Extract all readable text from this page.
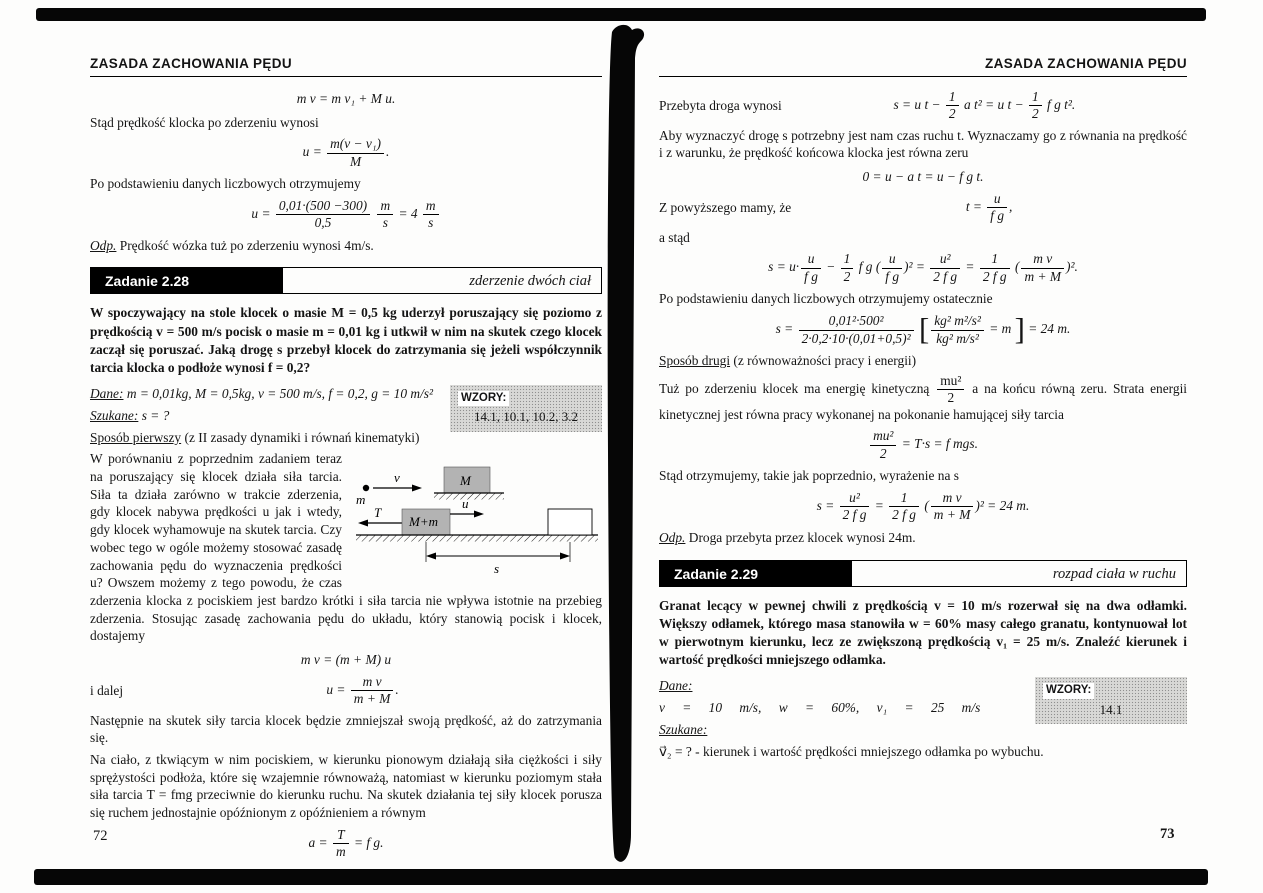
ZASADA ZACHOWANIA PĘDU
m v = m v₁ + M u.
Stąd prędkość klocka po zderzeniu wynosi
$u = \frac{\text{m(v − v₁)}}{M}$ .
Po podstawieniu danych liczbowych otrzymujemy
$u = \frac{0,01\cdot(500 -300)}{0,5}$
$\frac{m}{s} = 4 \frac{m}{s}$
Odp. Prędkość wózka tuż po zderzeniu wynosi 4m/s.
Zadanie 2.28	zderzenie dwóch ciał
W spoczywający na stole klocek o masie M = 0,5 kg uderzył poruszający się poziomo z prędkością v = 500 m/s pocisk o masie m = 0,01 kg i utkwił w nim na skutek czego klocek zaczął się poruszać. Jaką drogę s przebył klocek do zatrzymania się jeżeli współczynnik tarcia klocka o podłoże wynosi f = 0,2?
WZORY:
14.1, 10.1, 10.2, 3.2
Dane: m = 0,01kg, M = 0,5kg, v = 500 m/s, f = 0,2, g = 10 m/s²
Szukane: s = ?
Sposób pierwszy (z II zasady dynamiki i równań kinematyki)
m
v	M
T
M+m
u
s
W porównaniu z poprzednim zadaniem teraz na poruszający się klocek działa siła tarcia. Siła ta działa zarówno w trakcie zderzenia, gdy klocek nabywa prędkości u jak i wtedy, gdy klocek wyhamowuje na skutek tarcia. Czy wobec tego w ogóle możemy stosować zasadę zachowania pędu do wyznaczenia prędkości u? Owszem możemy z tego powodu, że czas zderzenia klocka z pociskiem jest bardzo krótki i siła tarcia nie wpływa istotnie na przebieg zderzenia. Stosując zasadę zachowania pędu do układu, który stanowią pocisk i klocek, dostajemy
m v = (m + M) u
i dalej	$u = \frac{\text{m v}}{m + M}$ .
Następnie na skutek siły tarcia klocek będzie zmniejszał swoją prędkość, aż do zatrzymania się.
Na ciało, z tkwiącym w nim pociskiem, w kierunku pionowym działają siła ciężkości i siły sprężystości podłoża, które się wzajemnie równoważą, natomiast w kierunku poziomym stała siła tarcia T = fmg przeciwnie do kierunku ruchu. Na skutek działania tej siły klocek porusza się ruchem jednostajnie opóźnionym z opóźnieniem a równym
$a = \frac{T}{m} = f$ g.
ZASADA ZACHOWANIA PĘDU
Przebyta droga wynosi	s = u $t - \frac{1}{2}$ a t² = u $t - \frac{1}{2}$ f g t².
Aby wyznaczyć drogę s potrzebny jest nam czas ruchu t. Wyznaczamy go z równania na prędkość i z warunku, że prędkość końcowa klocka jest równa zeru
0 = u − a t = u − f g t.
Z powyższego mamy, że	$t = \frac{u}{\text{f g}}$ ,
a stąd
$s = u\cdot \frac{u}{\text{f g}} - \frac{1}{2}$ f g ( $\frac{u}{\text{f g}} )^2 = \frac{\text{u²}}{\text{2 f g}} = \frac{1}{\text{2 f g}}$ ( $\frac{\text{m v}}{m + M} )^2$.
Po podstawieniu danych liczbowych otrzymujemy ostatecznie
$s = \frac{\text{0,01²·500²}}{\text{2·0,2·10·(0,01+0,5)²}}$ [ $\frac{\text{kg² m²/s²}}{\text{kg² m/s²}} = m$ ] = 24 m.
Sposób drugi (z równoważności pracy i energii)
Tuż po zderzeniu klocek ma energię kinetyczną $\frac{\text{mu²}}{2}$ a na końcu równą zeru. Strata energii kinetycznej jest równa pracy wykonanej na pokonanie hamującej siły tarcia
$\frac{\text{mu²}}{2} = T\cdot s = f$ mgs.
Stąd otrzymujemy, takie jak poprzednio, wyrażenie na s
$s = \frac{\text{u²}}{\text{2 f g}} = \frac{1}{\text{2 f g}}$ ( $\frac{\text{m v}}{m + M} )^2 = 24$ m.
Odp. Droga przebyta przez klocek wynosi 24m.
Zadanie 2.29	rozpad ciała w ruchu
Granat lecący w pewnej chwili z prędkością v = 10 m/s rozerwał się na dwa odłamki. Większy odłamek, którego masa stanowiła w = 60% masy całego granatu, kontynuował lot w pierwotnym kierunku, lecz ze zwiększoną prędkością v₁ = 25 m/s. Znaleźć kierunek i wartość prędkości mniejszego odłamka.
WZORY:
14.1
Dane:
v = 10 m/s, w = 60%, v₁ = 25 m/s
Szukane:
v⃗₂ = ? - kierunek i wartość prędkości mniejszego odłamka po wybuchu.
72	73
